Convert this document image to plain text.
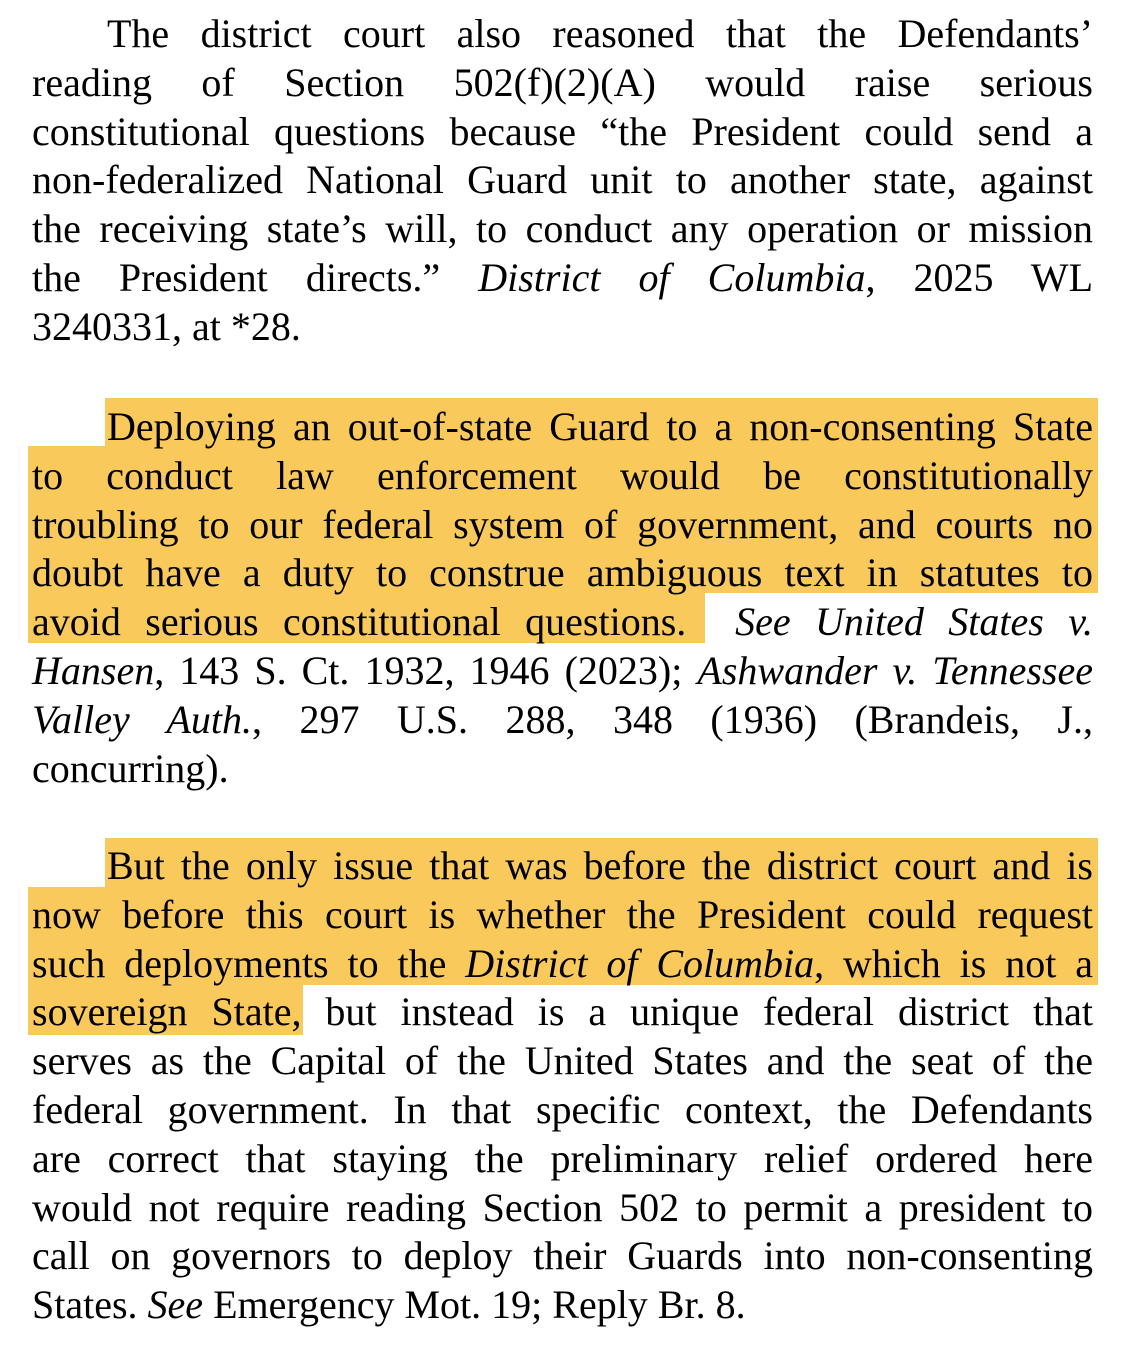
The district court also reasoned that the Defendants’
reading of Section 502(f)(2)(A) would raise serious
constitutional questions because “the President could send a
non-federalized National Guard unit to another state, against
the receiving state’s will, to conduct any operation or mission
the President directs.” District of Columbia, 2025 WL
3240331, at *28.
Deploying an out-of-state Guard to a non-consenting State
to conduct law enforcement would be constitutionally
troubling to our federal system of government, and courts no
doubt have a duty to construe ambiguous text in statutes to
avoid serious constitutional questions. See United States v.
Hansen, 143 S. Ct. 1932, 1946 (2023); Ashwander v. Tennessee
Valley Auth., 297 U.S. 288, 348 (1936) (Brandeis, J.,
concurring).
But the only issue that was before the district court and is
now before this court is whether the President could request
such deployments to the District of Columbia, which is not a
sovereign State, but instead is a unique federal district that
serves as the Capital of the United States and the seat of the
federal government. In that specific context, the Defendants
are correct that staying the preliminary relief ordered here
would not require reading Section 502 to permit a president to
call on governors to deploy their Guards into non-consenting
States. See Emergency Mot. 19; Reply Br. 8.
